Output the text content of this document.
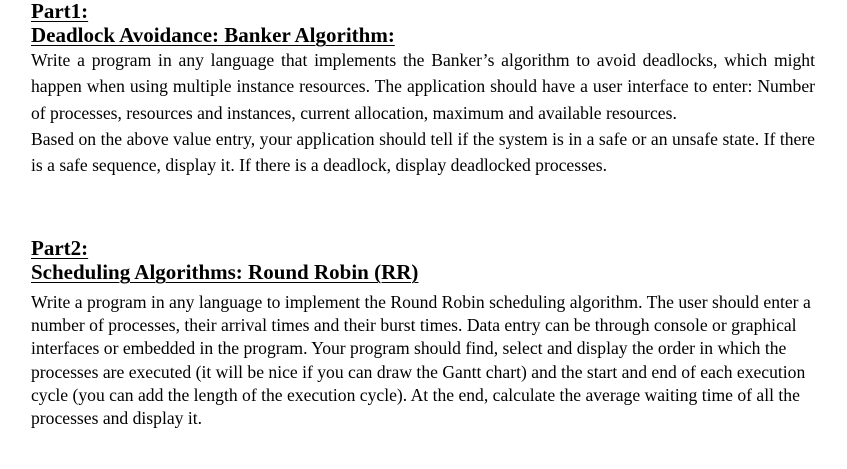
Part1:
Deadlock Avoidance: Banker Algorithm:

Write a program in any language that implements the Banker’s algorithm to avoid deadlocks, which might happen when using multiple instance resources. The application should have a user interface to enter: Number of processes, resources and instances, current allocation, maximum and available resources.

Based on the above value entry, your application should tell if the system is in a safe or an unsafe state. If there is a safe sequence, display it. If there is a deadlock, display deadlocked processes.

Part2:
Scheduling Algorithms: Round Robin (RR)

Write a program in any language to implement the Round Robin scheduling algorithm. The user should enter a number of processes, their arrival times and their burst times. Data entry can be through console or graphical interfaces or embedded in the program. Your program should find, select and display the order in which the processes are executed (it will be nice if you can draw the Gantt chart) and the start and end of each execution cycle (you can add the length of the execution cycle). At the end, calculate the average waiting time of all the processes and display it.
